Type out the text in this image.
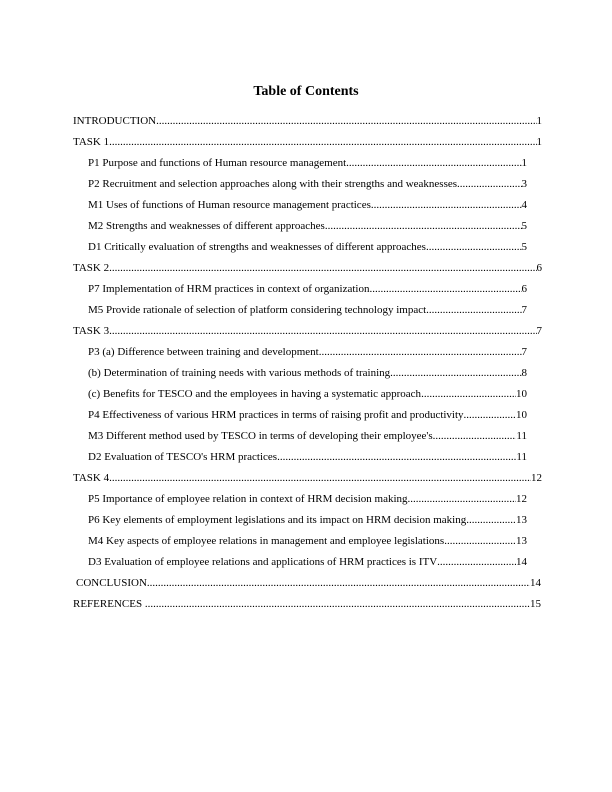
Table of Contents
INTRODUCTION .....	1
TASK 1 .....	1
P1 Purpose and functions of Human resource management .....	1
P2 Recruitment and selection approaches along with their strengths and weaknesses .....	3
M1 Uses of functions of Human resource management practices .....	4
M2 Strengths and weaknesses of different approaches .....	5
D1 Critically evaluation of strengths and weaknesses of different approaches .....	5
TASK 2 .....	6
P7 Implementation of HRM practices in context of organization .....	6
M5 Provide rationale of selection of platform considering technology impact .....	7
TASK 3 .....	7
P3 (a) Difference between training and development .....	7
(b) Determination of training needs with various methods of training .....	8
(c) Benefits for TESCO and the employees in having a systematic approach .....	10
P4 Effectiveness of various HRM practices in terms of raising profit and productivity .....	10
M3 Different method used by TESCO in terms of developing their employee's .....	11
D2 Evaluation of TESCO's HRM practices .....	11
TASK 4 .....	12
P5 Importance of employee relation in context of HRM decision making .....	12
P6 Key elements of employment legislations and its impact on HRM decision making .....	13
M4 Key aspects of employee relations in management and employee legislations .....	13
D3 Evaluation of employee relations and applications of HRM practices is ITV .....	14
CONCLUSION .....	14
REFERENCES .....	15
